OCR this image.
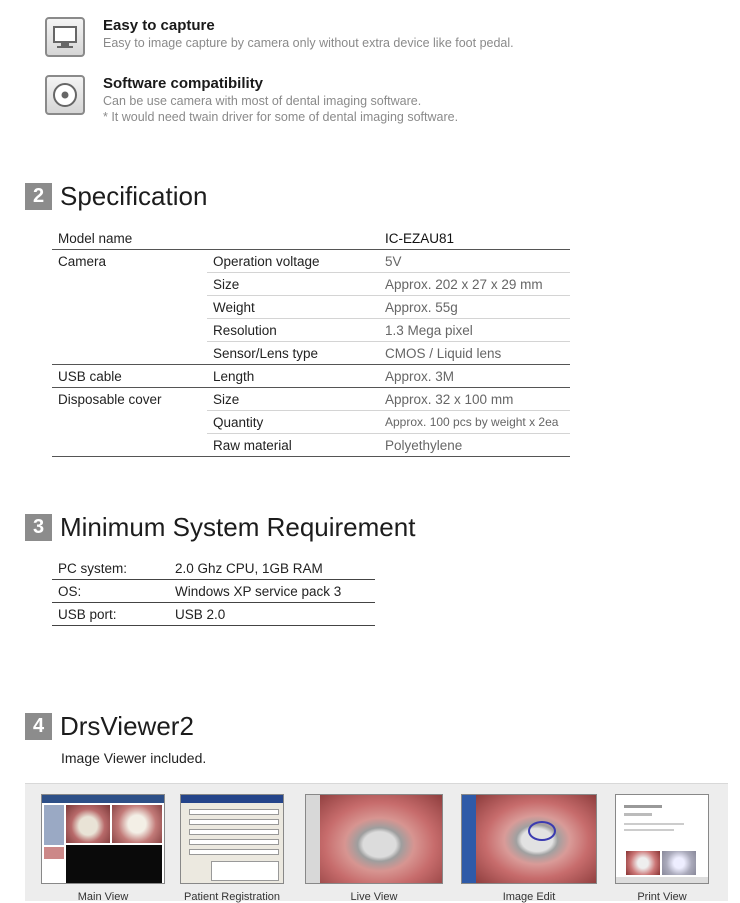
Easy to capture
Easy to image capture by camera only without extra device like foot pedal.
Software compatibility
Can be use camera with most of dental imaging software.
* It would need twain driver for some of dental imaging software.
2 Specification
Model name		IC-EZAU81
Camera	Operation voltage	5V
	Size	Approx. 202 x 27 x 29 mm
	Weight	Approx. 55g
	Resolution	1.3 Mega pixel
	Sensor/Lens type	CMOS / Liquid lens
USB cable	Length	Approx. 3M
Disposable cover	Size	Approx. 32 x 100 mm
	Quantity	Approx. 100 pcs by weight x 2ea
	Raw material	Polyethylene
3 Minimum System Requirement
PC system:	2.0 Ghz CPU, 1GB RAM
OS:	Windows XP service pack 3
USB port:	USB 2.0
4 DrsViewer2
Image Viewer included.
Main View	Patient Registration	Live View	Image Edit	Print View
